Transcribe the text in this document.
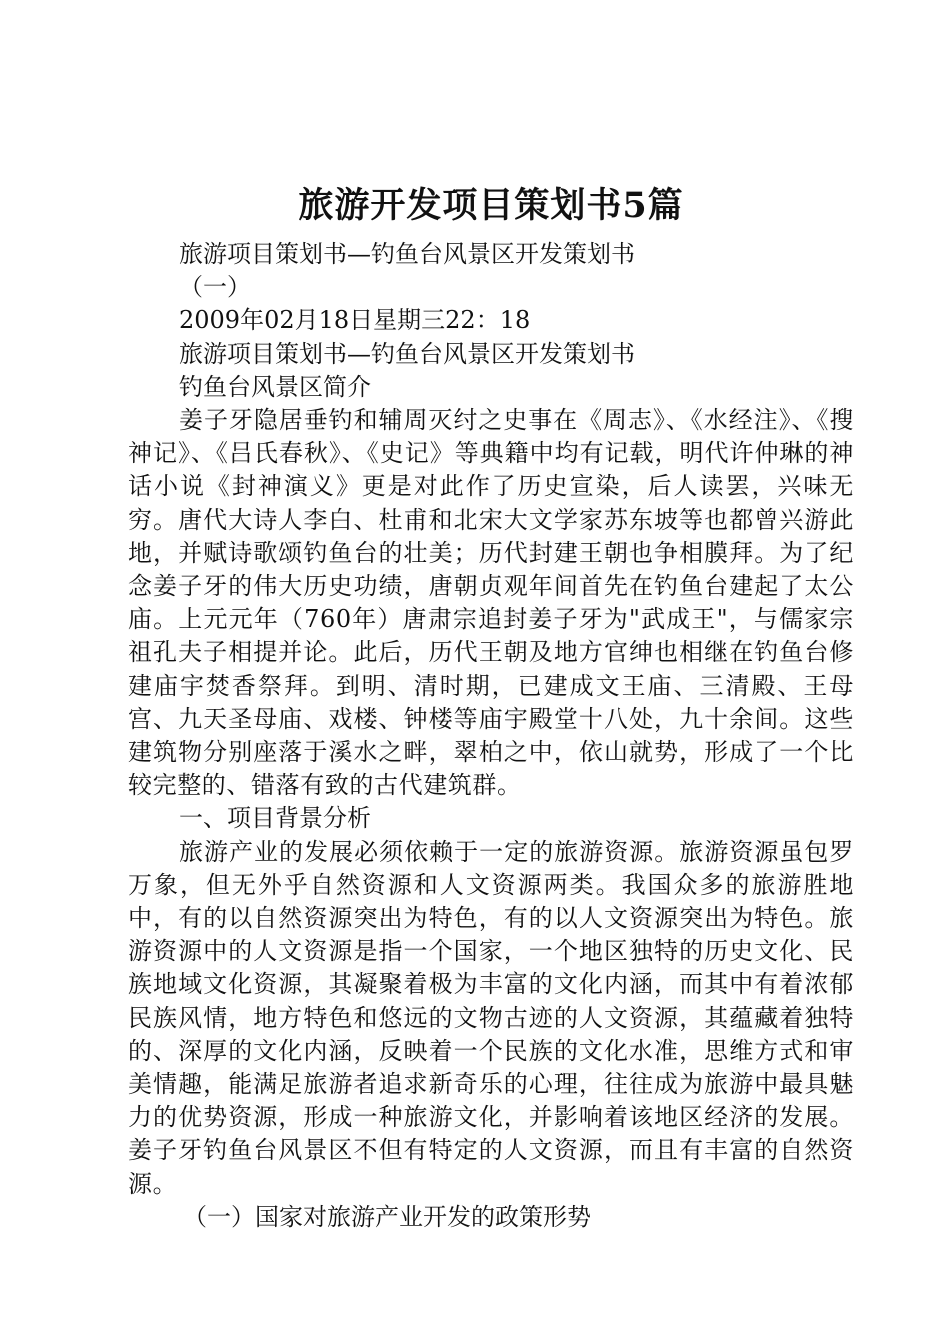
旅游开发项目策划书5篇

旅游项目策划书—钓鱼台风景区开发策划书

（一）

2009年02月18日星期三22：18

旅游项目策划书—钓鱼台风景区开发策划书

钓鱼台风景区简介

姜子牙隐居垂钓和辅周灭纣之史事在《周志》、《水经注》、《搜神记》、《吕氏春秋》、《史记》等典籍中均有记载，明代许仲琳的神话小说《封神演义》更是对此作了历史宣染，后人读罢，兴味无穷。唐代大诗人李白、杜甫和北宋大文学家苏东坡等也都曾兴游此地，并赋诗歌颂钓鱼台的壮美；历代封建王朝也争相膜拜。为了纪念姜子牙的伟大历史功绩，唐朝贞观年间首先在钓鱼台建起了太公庙。上元元年（760年）唐肃宗追封姜子牙为"武成王"，与儒家宗祖孔夫子相提并论。此后，历代王朝及地方官绅也相继在钓鱼台修建庙宇焚香祭拜。到明、清时期，已建成文王庙、三清殿、王母宫、九天圣母庙、戏楼、钟楼等庙宇殿堂十八处，九十余间。这些建筑物分别座落于溪水之畔，翠柏之中，依山就势，形成了一个比较完整的、错落有致的古代建筑群。

一、项目背景分析

旅游产业的发展必须依赖于一定的旅游资源。旅游资源虽包罗万象，但无外乎自然资源和人文资源两类。我国众多的旅游胜地中，有的以自然资源突出为特色，有的以人文资源突出为特色。旅游资源中的人文资源是指一个国家，一个地区独特的历史文化、民族地域文化资源，其凝聚着极为丰富的文化内涵，而其中有着浓郁民族风情，地方特色和悠远的文物古迹的人文资源，其蕴藏着独特的、深厚的文化内涵，反映着一个民族的文化水准，思维方式和审美情趣，能满足旅游者追求新奇乐的心理，往往成为旅游中最具魅力的优势资源，形成一种旅游文化，并影响着该地区经济的发展。姜子牙钓鱼台风景区不但有特定的人文资源，而且有丰富的自然资源。

（一）国家对旅游产业开发的政策形势
